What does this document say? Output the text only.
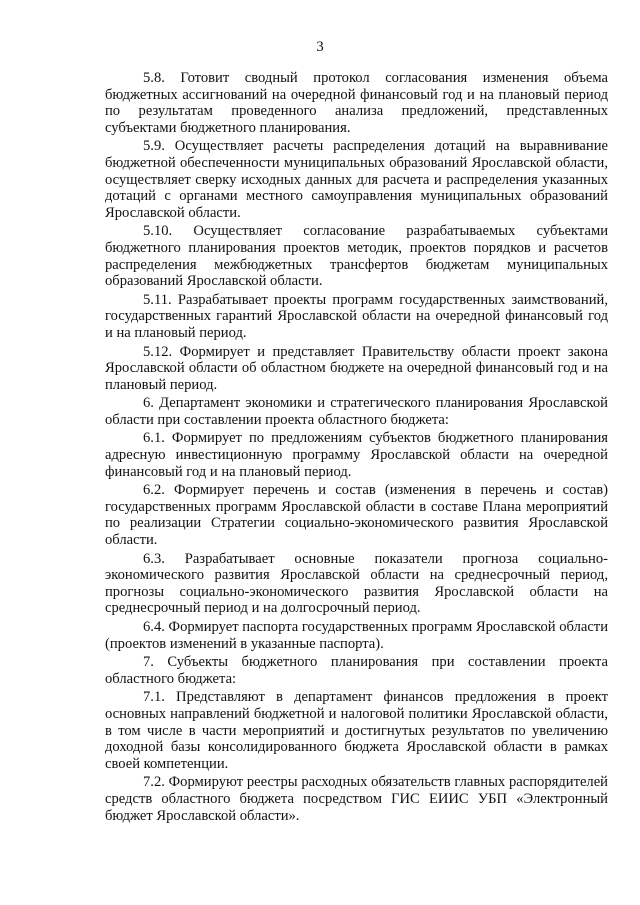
3

5.8. Готовит сводный протокол согласования изменения объема бюджетных ассигнований на очередной финансовый год и на плановый период по результатам проведенного анализа предложений, представленных субъектами бюджетного планирования.

5.9. Осуществляет расчеты распределения дотаций на выравнивание бюджетной обеспеченности муниципальных образований Ярославской области, осуществляет сверку исходных данных для расчета и распределения указанных дотаций с органами местного самоуправления муниципальных образований Ярославской области.

5.10. Осуществляет согласование разрабатываемых субъектами бюджетного планирования проектов методик, проектов порядков и расчетов распределения межбюджетных трансфертов бюджетам муниципальных образований Ярославской области.

5.11. Разрабатывает проекты программ государственных заимствований, государственных гарантий Ярославской области на очередной финансовый год и на плановый период.

5.12. Формирует и представляет Правительству области проект закона Ярославской области об областном бюджете на очередной финансовый год и на плановый период.

6. Департамент экономики и стратегического планирования Ярославской области при составлении проекта областного бюджета:

6.1. Формирует по предложениям субъектов бюджетного планирования адресную инвестиционную программу Ярославской области на очередной финансовый год и на плановый период.

6.2. Формирует перечень и состав (изменения в перечень и состав) государственных программ Ярославской области в составе Плана мероприятий по реализации Стратегии социально-экономического развития Ярославской области.

6.3. Разрабатывает основные показатели прогноза социально-экономического развития Ярославской области на среднесрочный период, прогнозы социально-экономического развития Ярославской области на среднесрочный период и на долгосрочный период.

6.4. Формирует паспорта государственных программ Ярославской области (проектов изменений в указанные паспорта).

7. Субъекты бюджетного планирования при составлении проекта областного бюджета:

7.1. Представляют в департамент финансов предложения в проект основных направлений бюджетной и налоговой политики Ярославской области, в том числе в части мероприятий и достигнутых результатов по увеличению доходной базы консолидированного бюджета Ярославской области в рамках своей компетенции.

7.2. Формируют реестры расходных обязательств главных распорядителей средств областного бюджета посредством ГИС ЕИИС УБП «Электронный бюджет Ярославской области».
